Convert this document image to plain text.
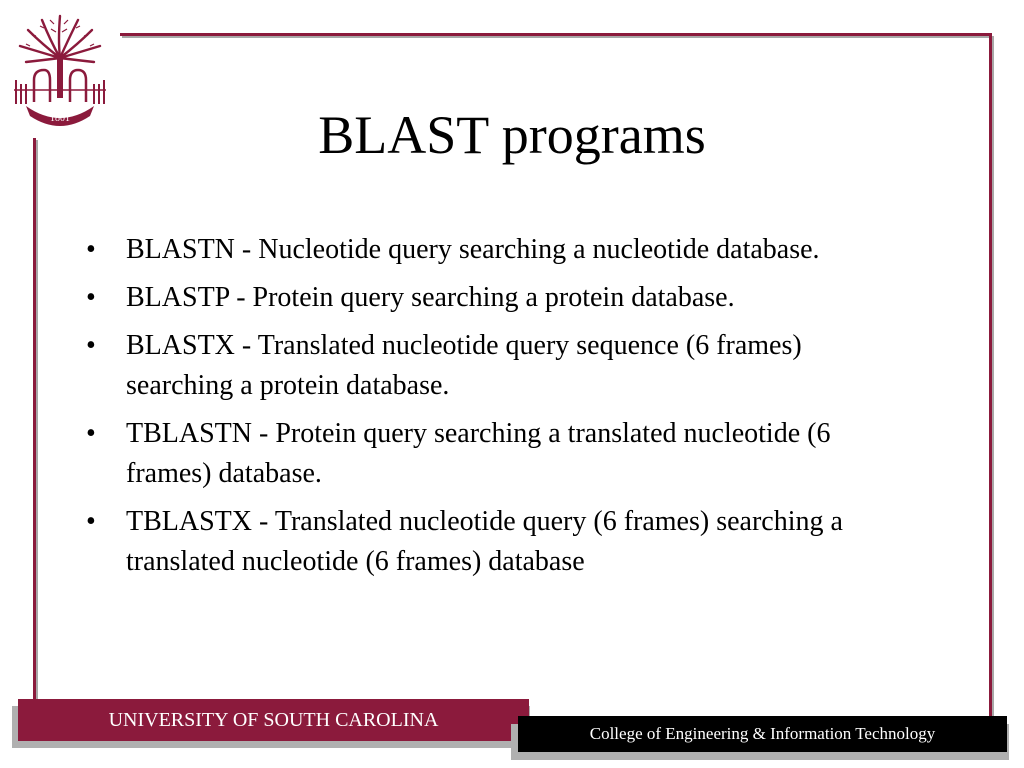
1801	BLAST programs
• BLASTN - Nucleotide query searching a nucleotide database.
• BLASTP - Protein query searching a protein database.
• BLASTX - Translated nucleotide query sequence (6 frames) searching a protein database.
• TBLASTN - Protein query searching a translated nucleotide (6 frames) database.
• TBLASTX - Translated nucleotide query (6 frames) searching a translated nucleotide (6 frames) database
UNIVERSITY OF SOUTH CAROLINA
College of Engineering & Information Technology
